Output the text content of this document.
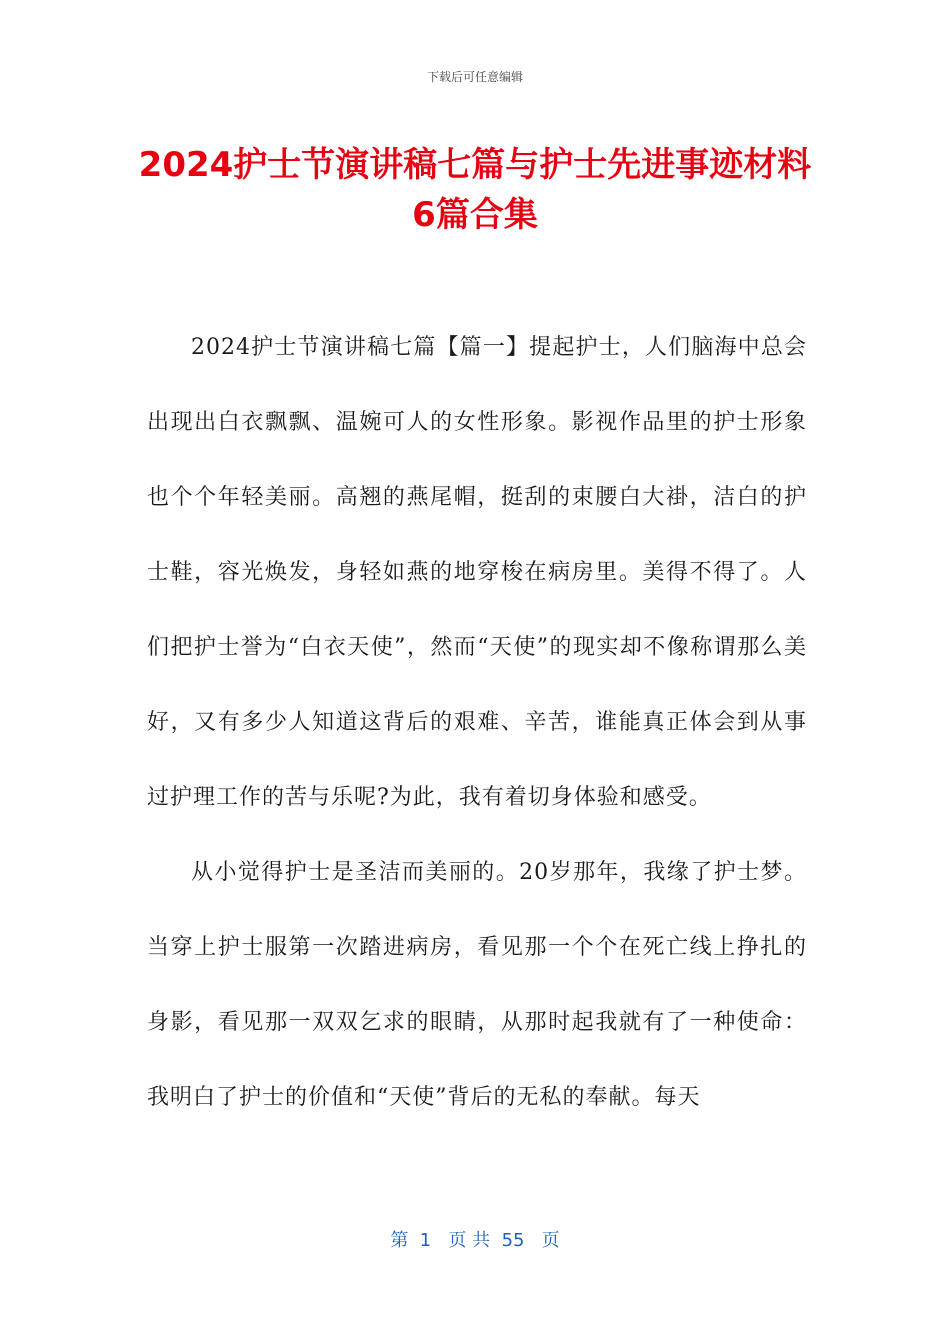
下载后可任意编辑
2024护士节演讲稿七篇与护士先进事迹材料
6篇合集

2024护士节演讲稿七篇【篇一】提起护士，人们脑海中总会出现出白衣飘飘、温婉可人的女性形象。影视作品里的护士形象也个个年轻美丽。高翘的燕尾帽，挺刮的束腰白大褂，洁白的护士鞋，容光焕发，身轻如燕的地穿梭在病房里。美得不得了。人们把护士誉为“白衣天使”，然而“天使”的现实却不像称谓那么美好，又有多少人知道这背后的艰难、辛苦，谁能真正体会到从事过护理工作的苦与乐呢?为此，我有着切身体验和感受。

从小觉得护士是圣洁而美丽的。20岁那年，我缘了护士梦。当穿上护士服第一次踏进病房，看见那一个个在死亡线上挣扎的身影，看见那一双双乞求的眼睛，从那时起我就有了一种使命：我明白了护士的价值和“天使”背后的无私的奉献。每天

第  1   页 共  55   页
